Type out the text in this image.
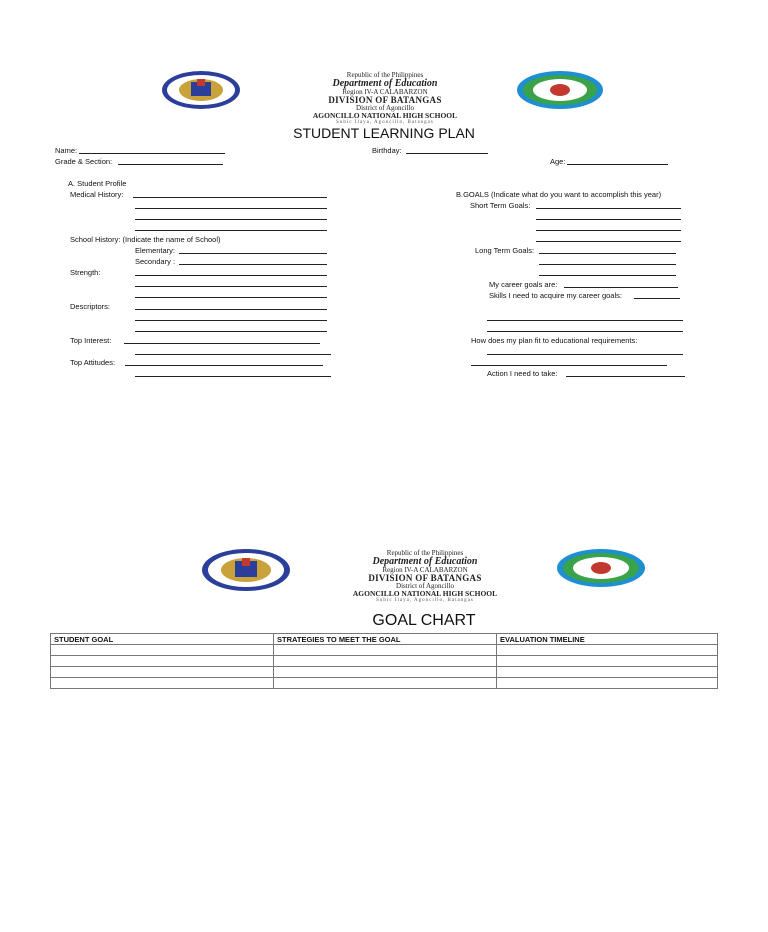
Republic of the Philippines
Department of Education
Region IV-A CALABARZON
DIVISION OF BATANGAS
District of Agoncillo
AGONCILLO NATIONAL HIGH SCHOOL
Subic Ilaya, Agoncillo, Batangas
STUDENT LEARNING PLAN
Name:	Birthday:
Grade & Section:	Age:
A. Student Profile
Medical History:
School History: (Indicate the name of School)
Elementary:
Secondary :
Strength:
Descriptors:
Top Interest:
Top Attitudes:
B.GOALS (Indicate what do you want to accomplish this year)
Short Term Goals:
Long Term Goals:
My career goals are:
Skills I need to acquire my career goals:
How does my plan fit to educational requirements:
Action I need to take:
Republic of the Philippines
Department of Education
Region IV-A CALABARZON
DIVISION OF BATANGAS
District of Agoncillo
AGONCILLO NATIONAL HIGH SCHOOL
Subic Ilaya, Agoncillo, Batangas
GOAL CHART
STUDENT GOAL	STRATEGIES TO MEET THE GOAL	EVALUATION TIMELINE
